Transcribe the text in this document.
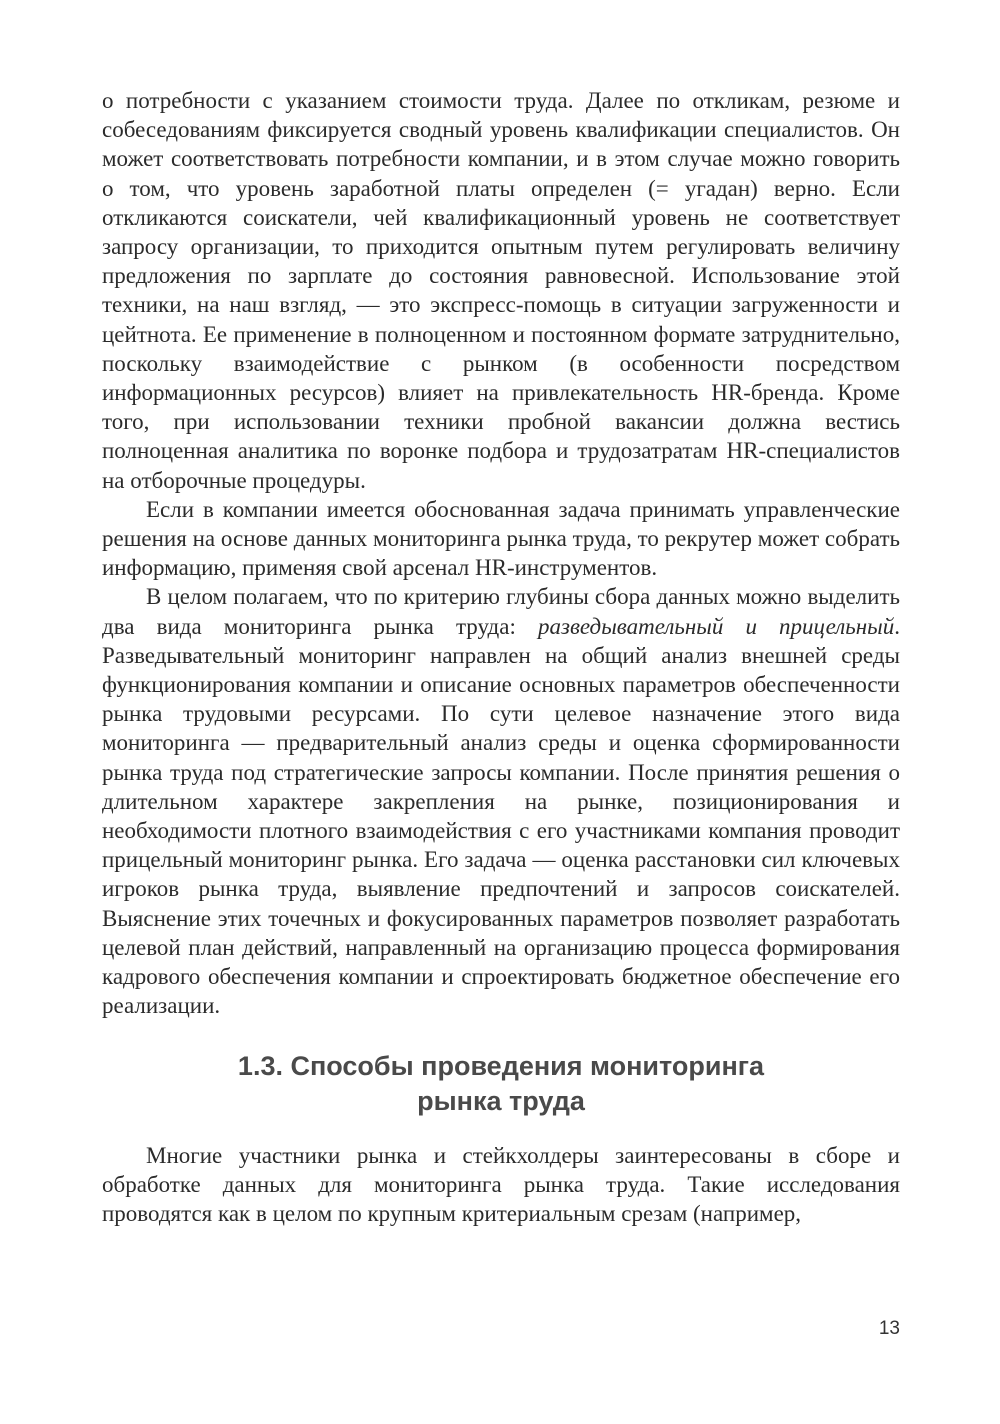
о потребности с указанием стоимости труда. Далее по откликам, резюме и собеседованиям фиксируется сводный уровень квалификации специалистов. Он может соответствовать потребности компании, и в этом случае можно говорить о том, что уровень заработной платы определен (= угадан) верно. Если откликаются соискатели, чей квалификационный уровень не соответствует запросу организации, то приходится опытным путем регулировать величину предложения по зарплате до состояния равновесной. Использование этой техники, на наш взгляд, — это экспресс-помощь в ситуации загруженности и цейтнота. Ее применение в полноценном и постоянном формате затруднительно, поскольку взаимодействие с рынком (в особенности посредством информационных ресурсов) влияет на привлекательность HR-бренда. Кроме того, при использовании техники пробной вакансии должна вестись полноценная аналитика по воронке подбора и трудозатратам HR-специалистов на отборочные процедуры.

Если в компании имеется обоснованная задача принимать управленческие решения на основе данных мониторинга рынка труда, то рекрутер может собрать информацию, применяя свой арсенал HR-инструментов.

В целом полагаем, что по критерию глубины сбора данных можно выделить два вида мониторинга рынка труда: разведывательный и прицельный. Разведывательный мониторинг направлен на общий анализ внешней среды функционирования компании и описание основных параметров обеспеченности рынка трудовыми ресурсами. По сути целевое назначение этого вида мониторинга — предварительный анализ среды и оценка сформированности рынка труда под стратегические запросы компании. После принятия решения о длительном характере закрепления на рынке, позиционирования и необходимости плотного взаимодействия с его участниками компания проводит прицельный мониторинг рынка. Его задача — оценка расстановки сил ключевых игроков рынка труда, выявление предпочтений и запросов соискателей. Выяснение этих точечных и фокусированных параметров позволяет разработать целевой план действий, направленный на организацию процесса формирования кадрового обеспечения компании и спроектировать бюджетное обеспечение его реализации.

1.3. Способы проведения мониторинга
рынка труда

Многие участники рынка и стейкхолдеры заинтересованы в сборе и обработке данных для мониторинга рынка труда. Такие исследования проводятся как в целом по крупным критериальным срезам (например,

13
